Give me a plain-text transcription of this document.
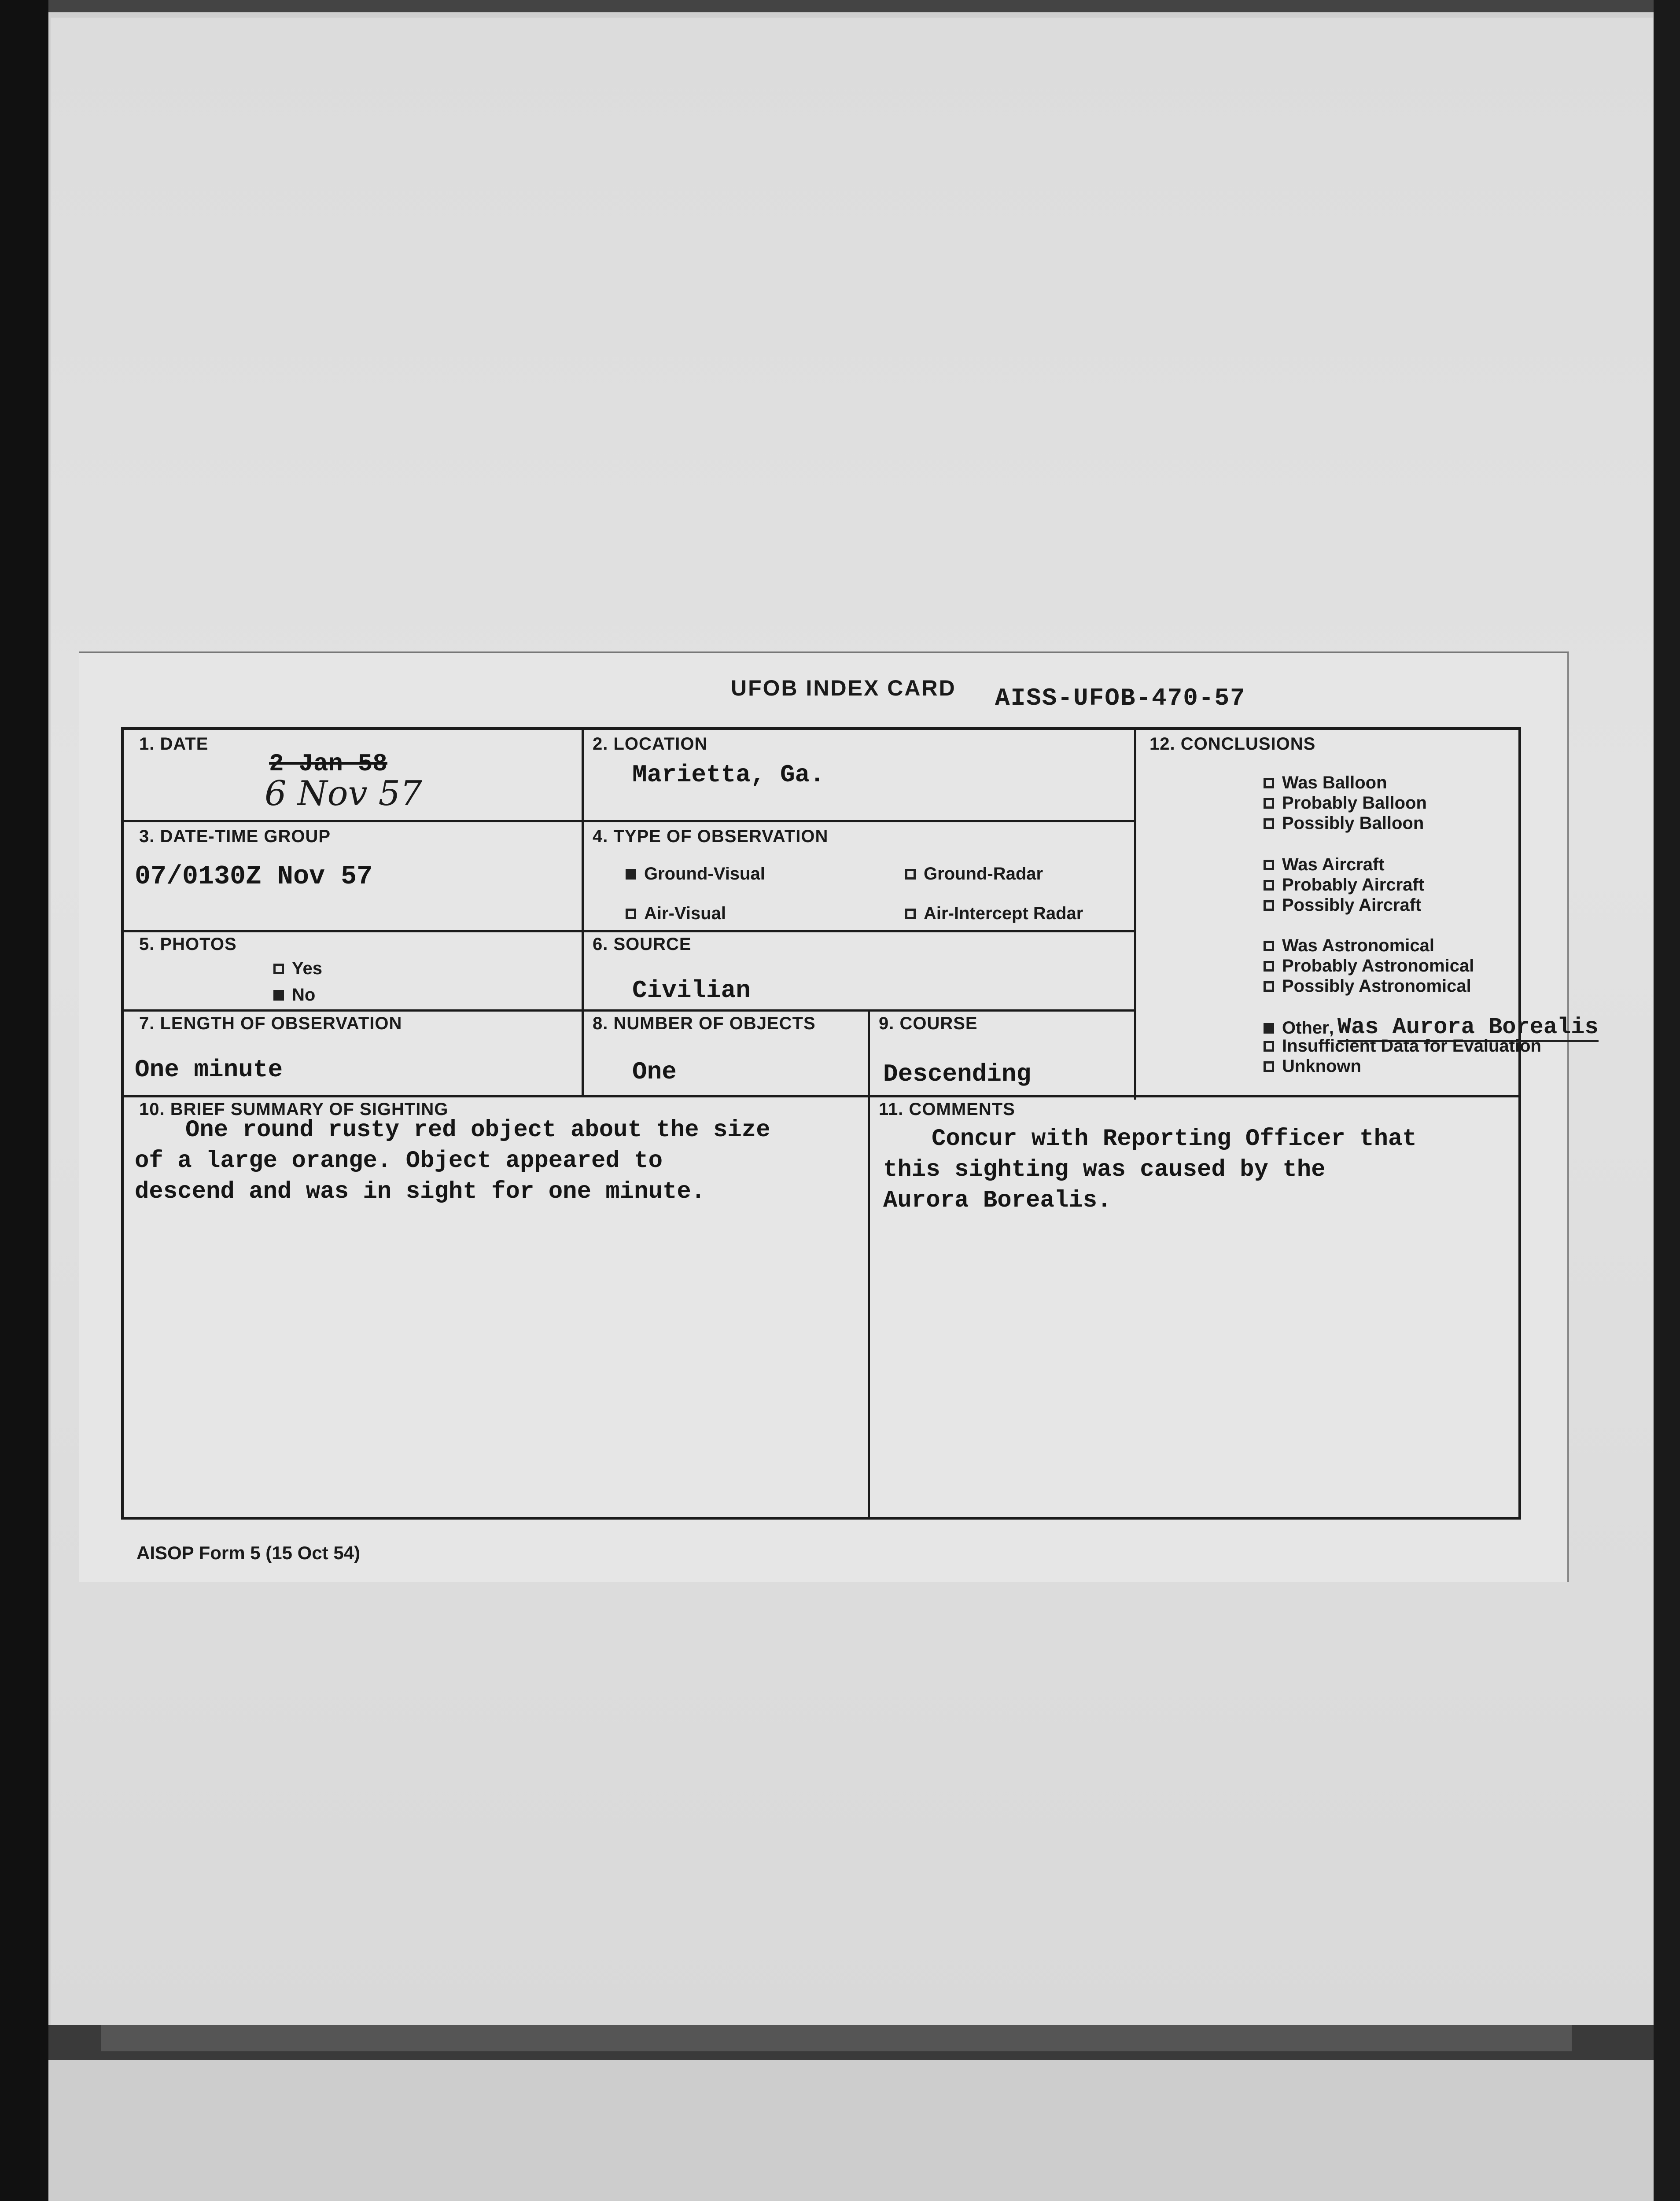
UFOB INDEX CARD AISS-UFOB-470-57
1. DATE
2 Jan 58
6 Nov 57
2. LOCATION
Marietta, Ga.
3. DATE-TIME GROUP
07/0130Z Nov 57
4. TYPE OF OBSERVATION
Ground-Visual	Ground-Radar
Air-Visual	Air-Intercept Radar
5. PHOTOS
Yes
No
6. SOURCE
Civilian
7. LENGTH OF OBSERVATION
One minute
8. NUMBER OF OBJECTS
One
9. COURSE
Descending
12. CONCLUSIONS
10. BRIEF SUMMARY OF SIGHTING
One round rusty red object about the size
of a large orange. Object appeared to
descend and was in sight for one minute.
11. COMMENTS
Concur with Reporting Officer that
this sighting was caused by the
Aurora Borealis.
Was Balloon
Probably Balloon
Possibly Balloon
Was Aircraft
Probably Aircraft
Possibly Aircraft
Was Astronomical
Probably Astronomical
Possibly Astronomical
Other , Was Aurora Borealis
Insufficient Data for Evaluation
Unknown
AISOP Form 5 (15 Oct 54)
